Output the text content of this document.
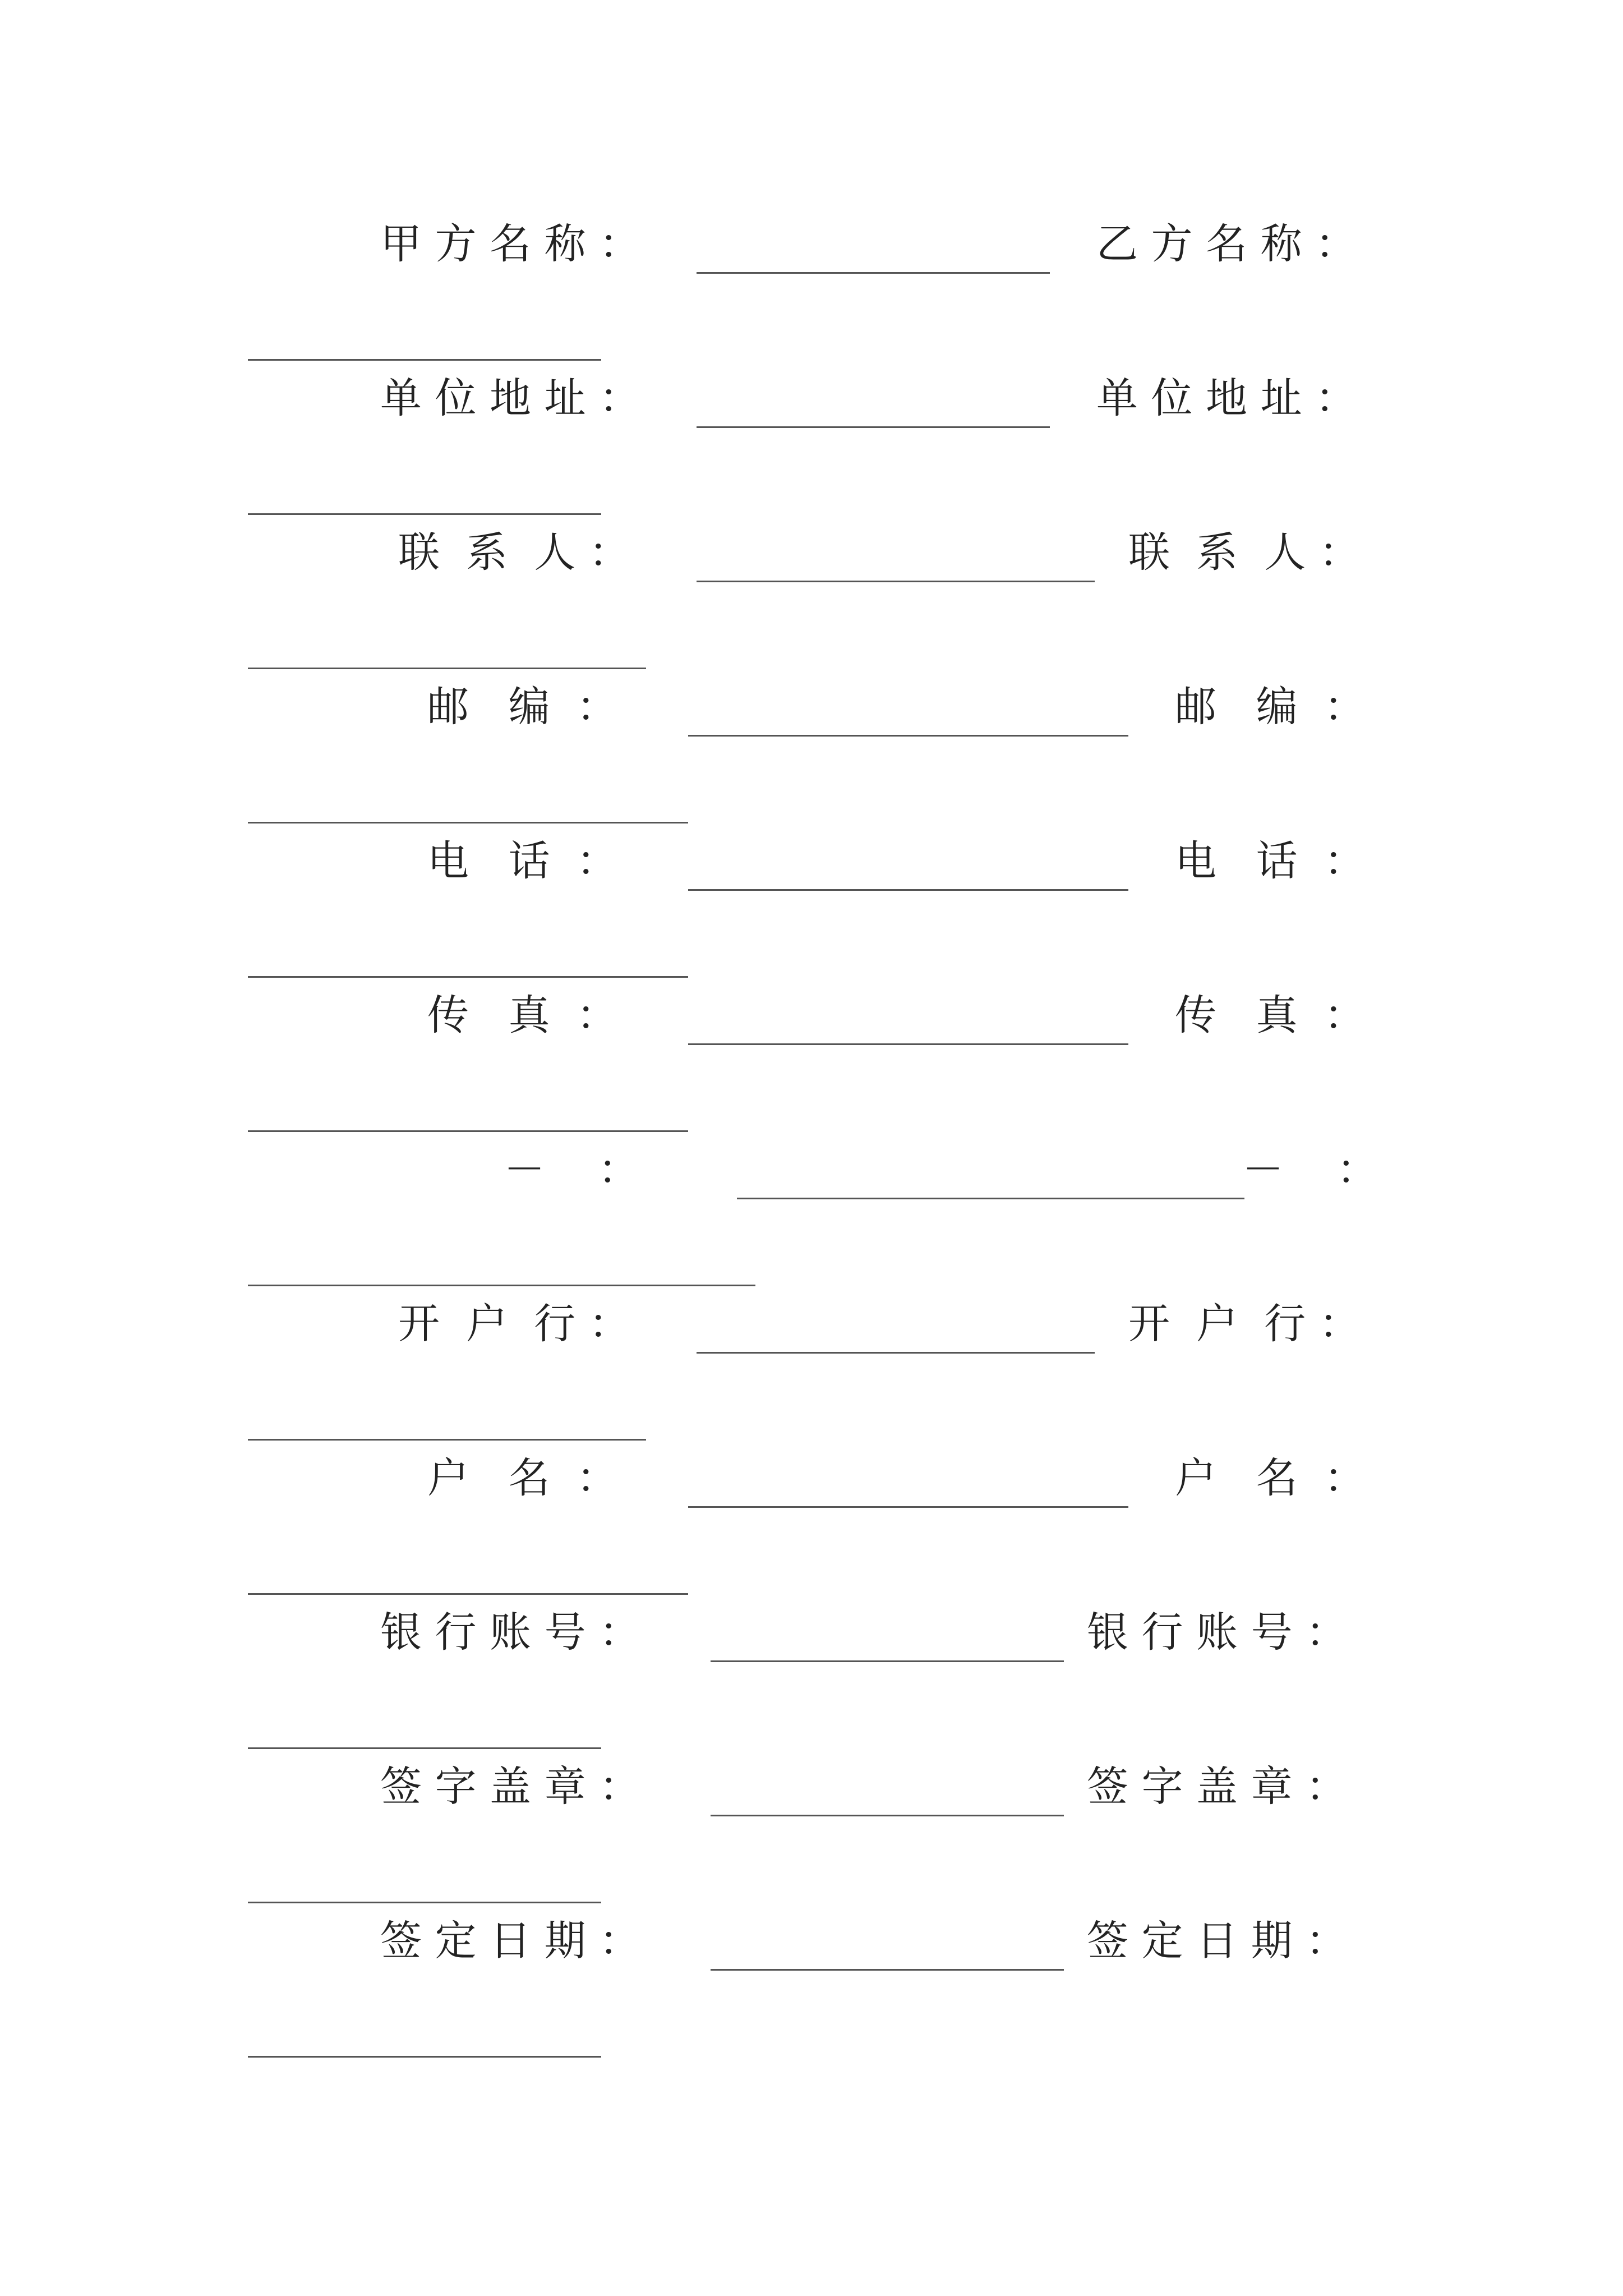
甲 方 名 称 ：	乙 方 名 称 ：
单 位 地 址 ：	单 位 地 址 ：
联  系  人 ：	联  系  人 ：
邮   编  ：	邮   编  ：
电   话  ：	电   话  ：
传   真  ：	传   真  ：
－    ：	－    ：
开  户  行 ：	开  户  行 ：
户   名  ：	户   名  ：
银 行 账 号 ：	银 行 账 号 ：
签 字 盖 章 ：	签 字 盖 章 ：
签 定 日 期 ：	签 定 日 期 ：
